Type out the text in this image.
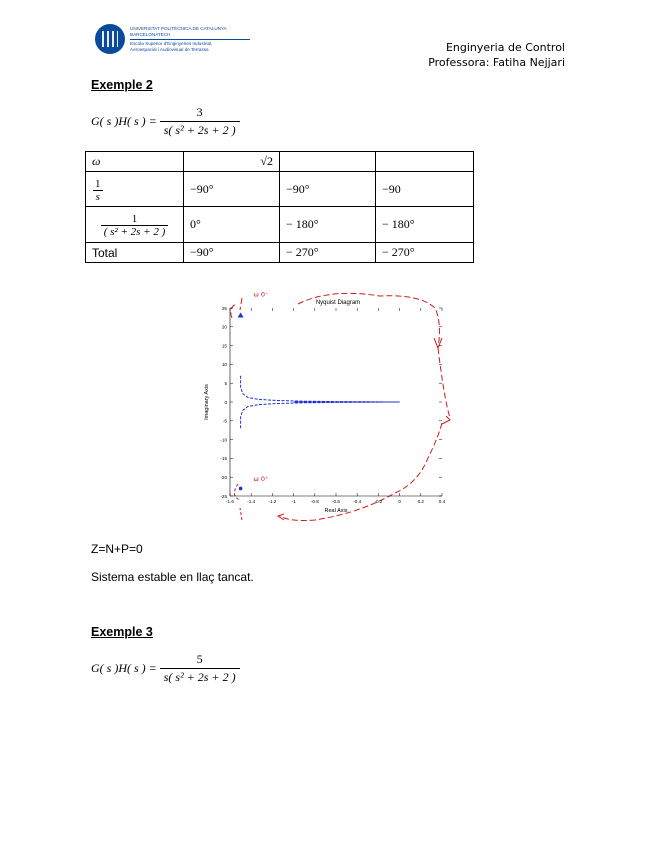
UNIVERSITAT POLITÈCNICA DE CATALUNYA
BARCELONATECH
Escola Superior d'Enginyeries Industrial,
Aeroespacial i Audiovisual de Terrassa	Enginyeria de Control
Professora: Fatiha Nejjari
Exemple 2
G( s )H( s ) = $\frac{3}{\text{s( s² + 2s + 2 )}}$
ω	√2		

$\frac{1}{s}$	−90°	−90°	−90

$\frac{1}{\text{( s² + 2s + 2 )}}$	0°	− 180°	− 180°
Total	−90°	− 270°	− 270°
25
20
15
10
5
0
-5
-10
-15
-20
-25
-1.6	-1.4	-1.2	-1	-0.8	-0.6	-0.4	-0.2	0	0.2	0.4
ω 0⁻
ω 0⁺
Nyquist Diagram
Real Axis
Imaginary Axis
Z=N+P=0
Sistema estable en llaç tancat.
Exemple 3
G( s )H( s ) = $\frac{5}{\text{s( s² + 2s + 2 )}}$
